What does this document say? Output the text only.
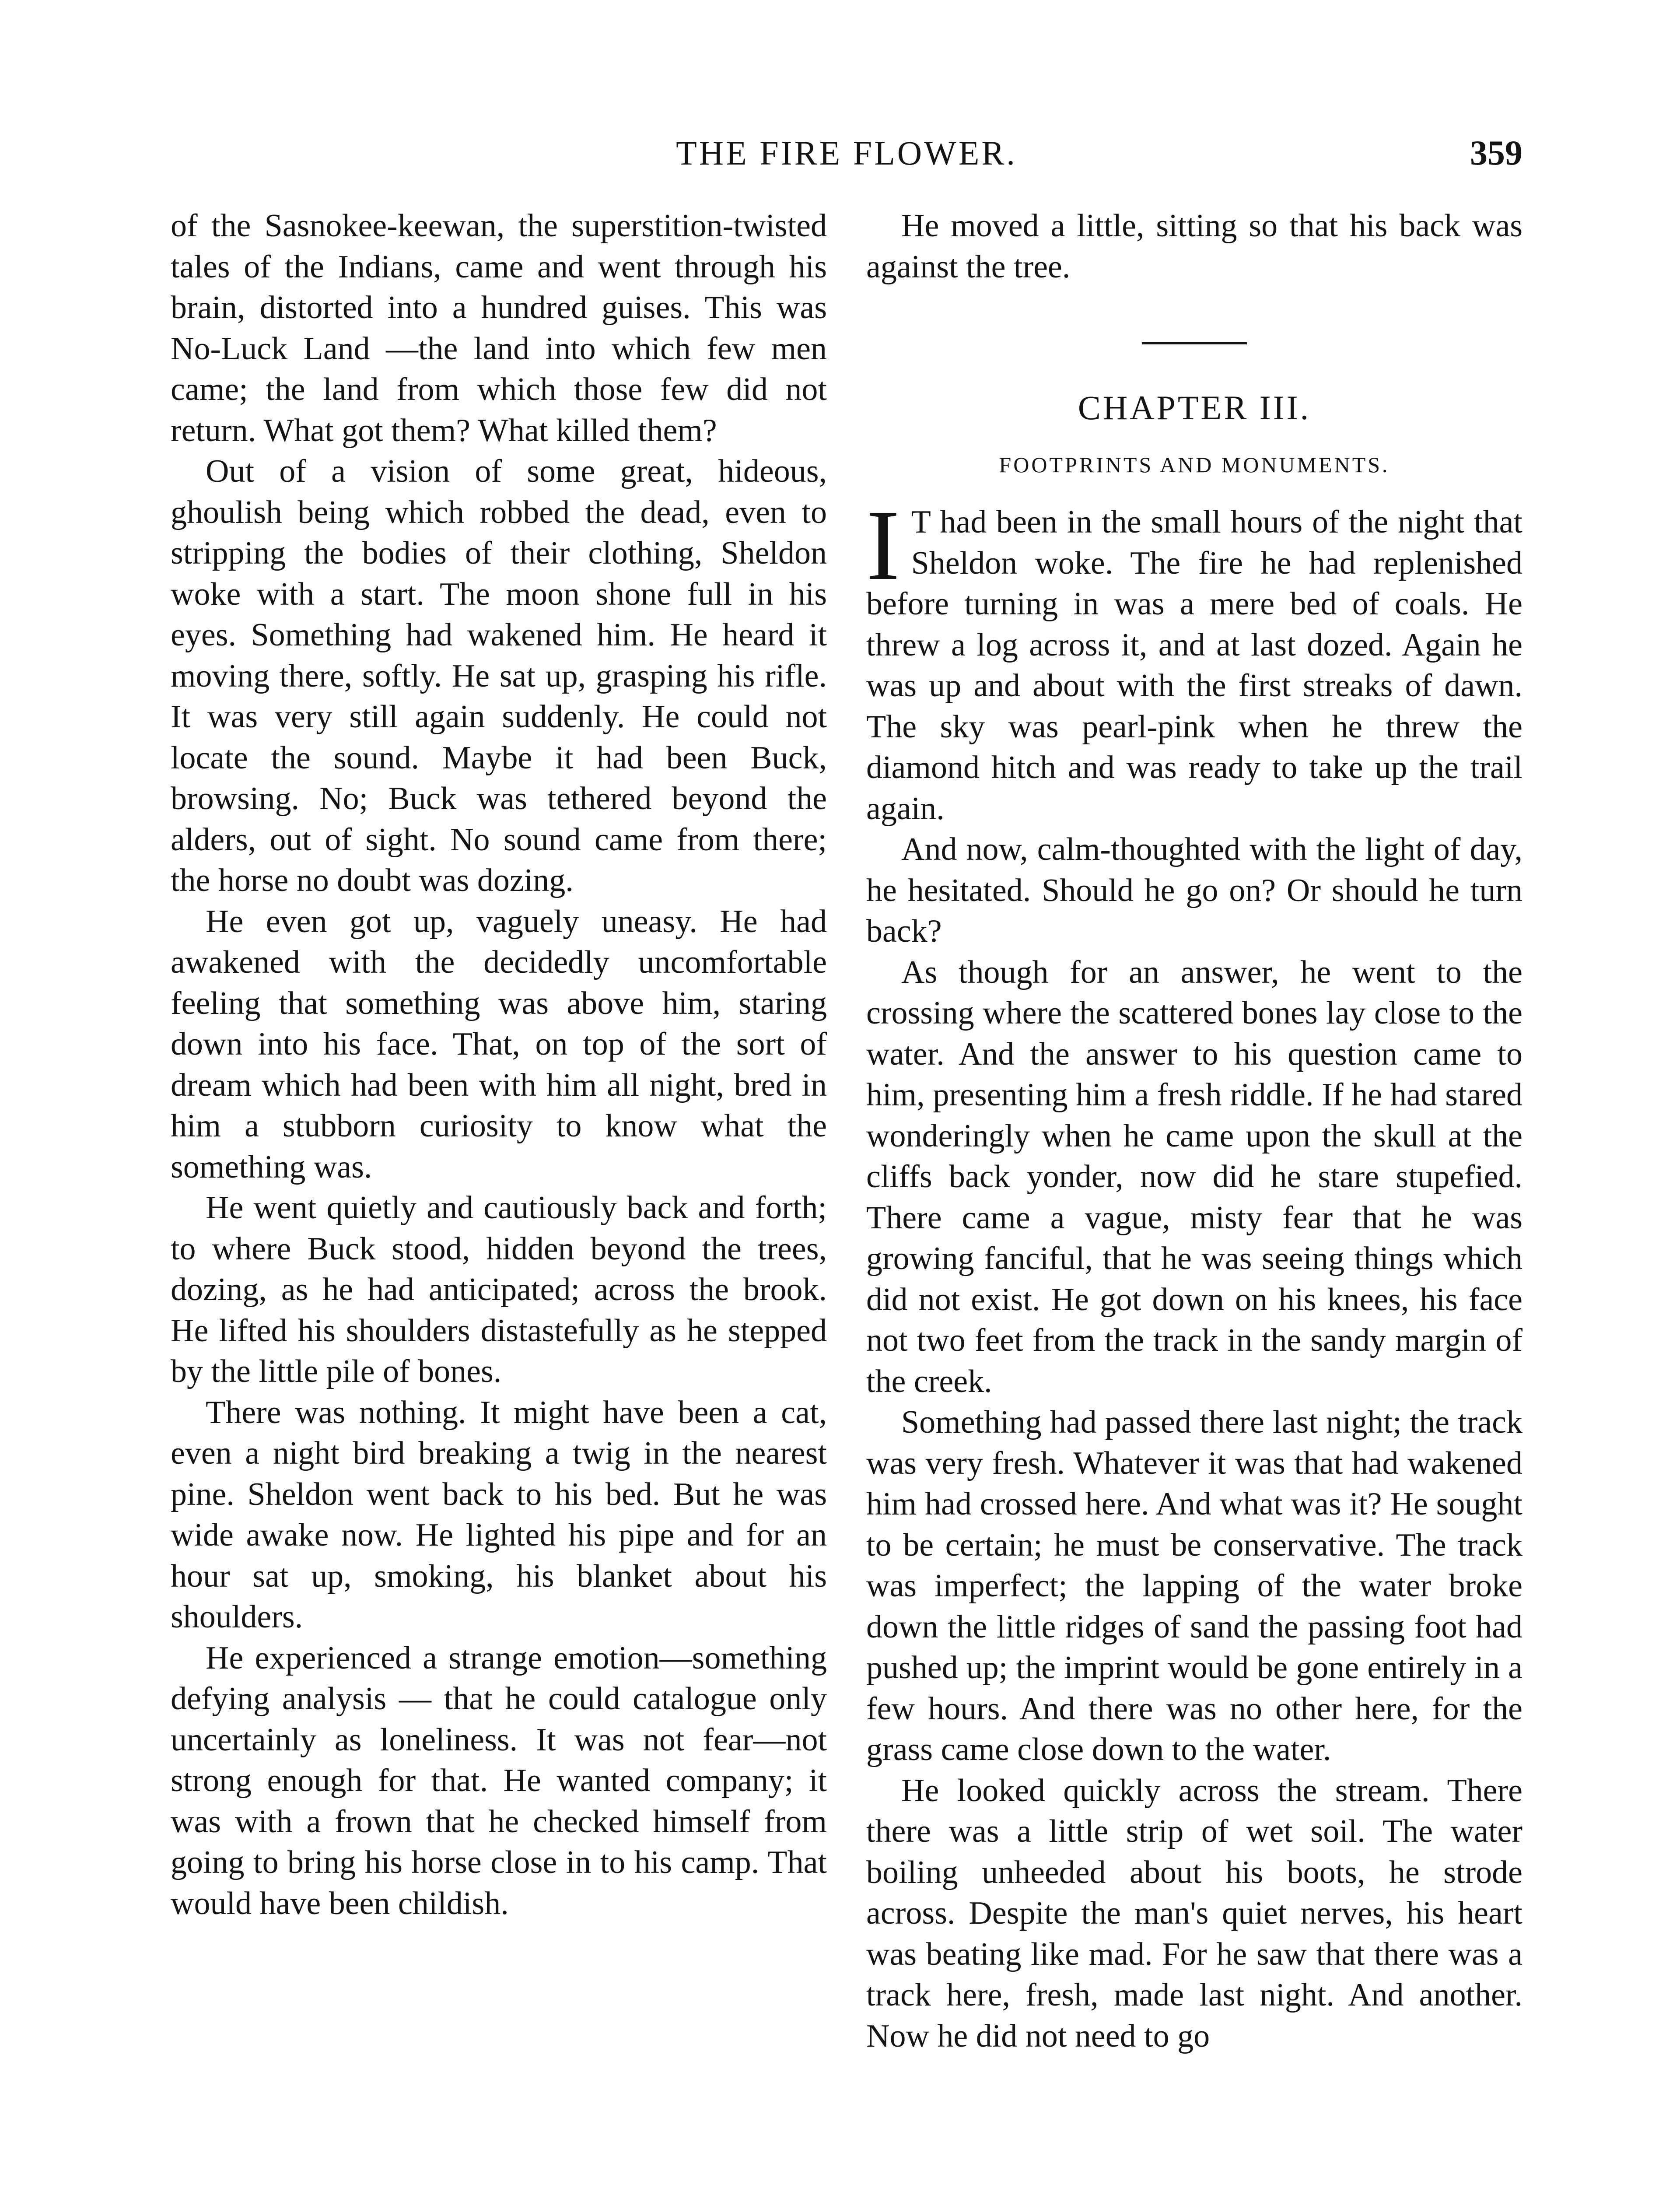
THE FIRE FLOWER.	359

of the Sasnokee-keewan, the superstition-twisted tales of the Indians, came and went through his brain, distorted into a hundred guises. This was No-Luck Land —the land into which few men came; the land from which those few did not return. What got them? What killed them?

Out of a vision of some great, hideous, ghoulish being which robbed the dead, even to stripping the bodies of their clothing, Sheldon woke with a start. The moon shone full in his eyes. Something had wakened him. He heard it moving there, softly. He sat up, grasping his rifle. It was very still again suddenly. He could not locate the sound. Maybe it had been Buck, browsing. No; Buck was tethered beyond the alders, out of sight. No sound came from there; the horse no doubt was dozing.

He even got up, vaguely uneasy. He had awakened with the decidedly uncomfortable feeling that something was above him, staring down into his face. That, on top of the sort of dream which had been with him all night, bred in him a stubborn curiosity to know what the something was.

He went quietly and cautiously back and forth; to where Buck stood, hidden beyond the trees, dozing, as he had anticipated; across the brook. He lifted his shoulders distastefully as he stepped by the little pile of bones.

There was nothing. It might have been a cat, even a night bird breaking a twig in the nearest pine. Sheldon went back to his bed. But he was wide awake now. He lighted his pipe and for an hour sat up, smoking, his blanket about his shoulders.

He experienced a strange emotion—something defying analysis — that he could catalogue only uncertainly as loneliness. It was not fear—not strong enough for that. He wanted company; it was with a frown that he checked himself from going to bring his horse close in to his camp. That would have been childish.

He moved a little, sitting so that his back was against the tree.

CHAPTER III.
FOOTPRINTS AND MONUMENTS.

I T had been in the small hours of the night that Sheldon woke. The fire he had replenished before turning in was a mere bed of coals. He threw a log across it, and at last dozed. Again he was up and about with the first streaks of dawn. The sky was pearl-pink when he threw the diamond hitch and was ready to take up the trail again.

And now, calm-thoughted with the light of day, he hesitated. Should he go on? Or should he turn back?

As though for an answer, he went to the crossing where the scattered bones lay close to the water. And the answer to his question came to him, presenting him a fresh riddle. If he had stared wonderingly when he came upon the skull at the cliffs back yonder, now did he stare stupefied. There came a vague, misty fear that he was growing fanciful, that he was seeing things which did not exist. He got down on his knees, his face not two feet from the track in the sandy margin of the creek.

Something had passed there last night; the track was very fresh. Whatever it was that had wakened him had crossed here. And what was it? He sought to be certain; he must be conservative. The track was imperfect; the lapping of the water broke down the little ridges of sand the passing foot had pushed up; the imprint would be gone entirely in a few hours. And there was no other here, for the grass came close down to the water.

He looked quickly across the stream. There there was a little strip of wet soil. The water boiling unheeded about his boots, he strode across. Despite the man's quiet nerves, his heart was beating like mad. For he saw that there was a track here, fresh, made last night. And another. Now he did not need to go
